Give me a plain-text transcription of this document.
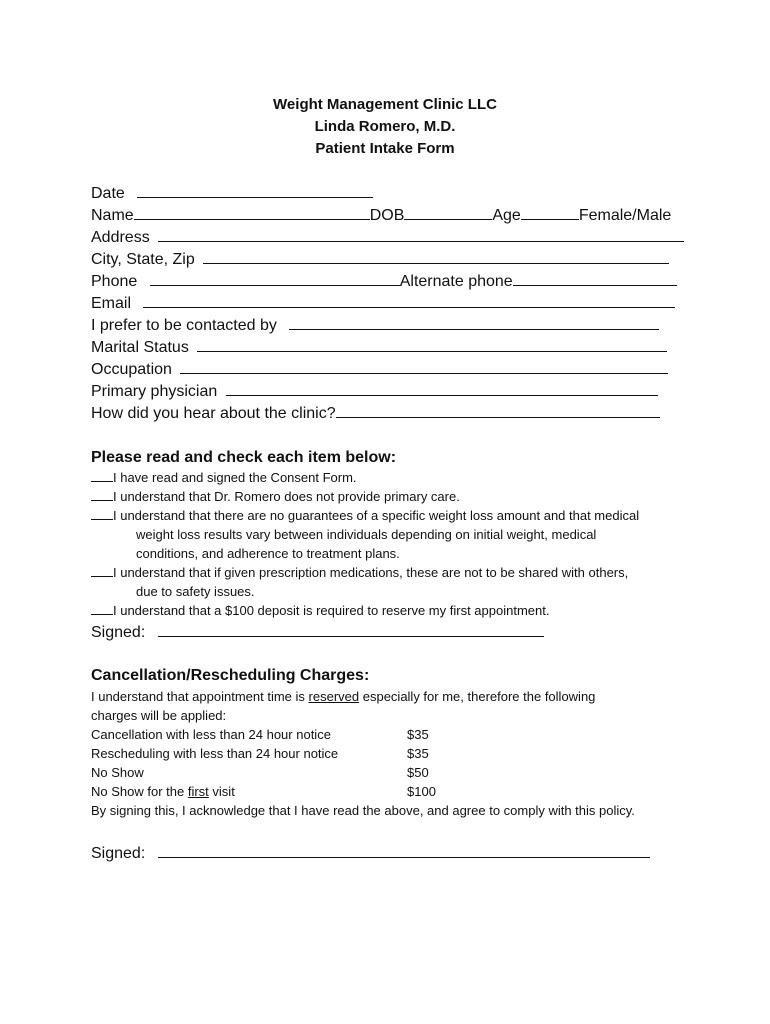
Weight Management Clinic LLC
Linda Romero, M.D.
Patient Intake Form
Date
Name	DOB	Age	Female/Male
Address
City, State, Zip
Phone	Alternate phone
Email
I prefer to be contacted by
Marital Status
Occupation
Primary physician
How did you hear about the clinic?
Please read and check each item below:
I have read and signed the Consent Form.
I understand that Dr. Romero does not provide primary care.
I understand that there are no guarantees of a specific weight loss amount and that medical
weight loss results vary between individuals depending on initial weight, medical
conditions, and adherence to treatment plans.
I understand that if given prescription medications, these are not to be shared with others,
due to safety issues.
I understand that a $100 deposit is required to reserve my first appointment.
Signed:
Cancellation/Rescheduling Charges:
I understand that appointment time is reserved especially for me, therefore the following
charges will be applied:
Cancellation with less than 24 hour notice	$35
Rescheduling with less than 24 hour notice	$35
No Show	$50
No Show for the first visit	$100
By signing this, I acknowledge that I have read the above, and agree to comply with this policy.
Signed:
